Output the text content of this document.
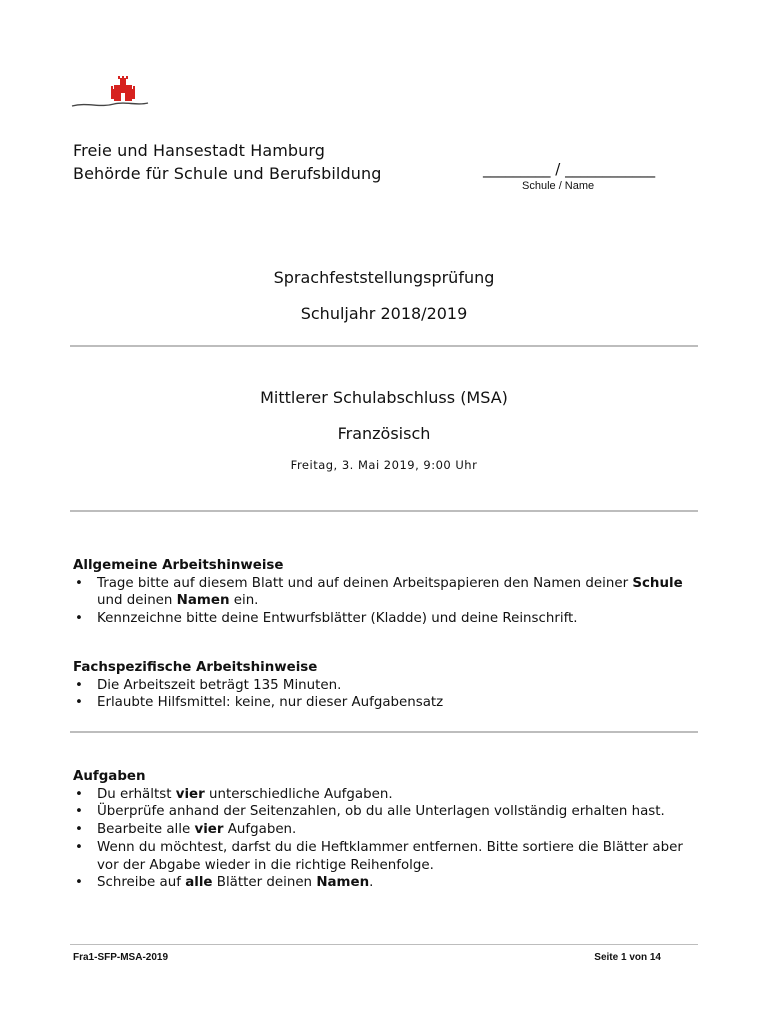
Freie und Hansestadt Hamburg
Behörde für Schule und Berufsbildung	_________ / ____________
Schule / Name
Sprachfeststellungsprüfung
Schuljahr 2018/2019
Mittlerer Schulabschluss (MSA)
Französisch
Freitag, 3. Mai 2019, 9:00 Uhr
Allgemeine Arbeitshinweise
• Trage bitte auf diesem Blatt und auf deinen Arbeitspapieren den Namen deiner Schule und deinen Namen ein.
• Kennzeichne bitte deine Entwurfsblätter (Kladde) und deine Reinschrift.
Fachspezifische Arbeitshinweise
• Die Arbeitszeit beträgt 135 Minuten.
• Erlaubte Hilfsmittel: keine, nur dieser Aufgabensatz
Aufgaben
• Du erhältst vier unterschiedliche Aufgaben.
• Überprüfe anhand der Seitenzahlen, ob du alle Unterlagen vollständig erhalten hast.
• Bearbeite alle vier Aufgaben.
• Wenn du möchtest, darfst du die Heftklammer entfernen. Bitte sortiere die Blätter aber vor der Abgabe wieder in die richtige Reihenfolge.
• Schreibe auf alle Blätter deinen Namen.
Fra1-SFP-MSA-2019	Seite 1 von 14
